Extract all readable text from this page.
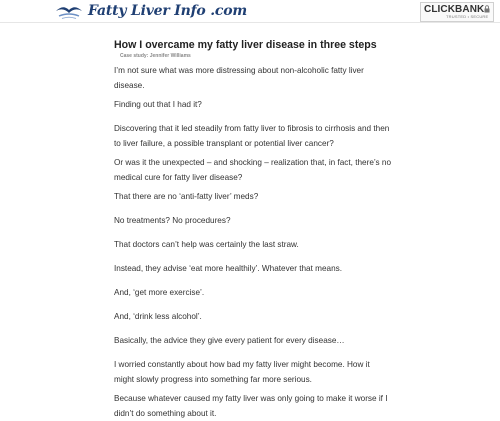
Fatty Liver Info .com	CLICKBANK
TRUSTED • SECURE
How I overcame my fatty liver disease in three steps
Case study: Jennifer Williams

I’m not sure what was more distressing about non-alcoholic fatty liver disease.

Finding out that I had it?

Discovering that it led steadily from fatty liver to fibrosis to cirrhosis and then to liver failure, a possible transplant or potential liver cancer?

Or was it the unexpected – and shocking – realization that, in fact, there’s no medical cure for fatty liver disease?

That there are no ‘anti-fatty liver’ meds?

No treatments? No procedures?

That doctors can’t help was certainly the last straw.

Instead, they advise ‘eat more healthily’. Whatever that means.

And, ‘get more exercise’.

And, ‘drink less alcohol’.

Basically, the advice they give every patient for every disease…

I worried constantly about how bad my fatty liver might become. How it might slowly progress into something far more serious.

Because whatever caused my fatty liver was only going to make it worse if I didn’t do something about it.
